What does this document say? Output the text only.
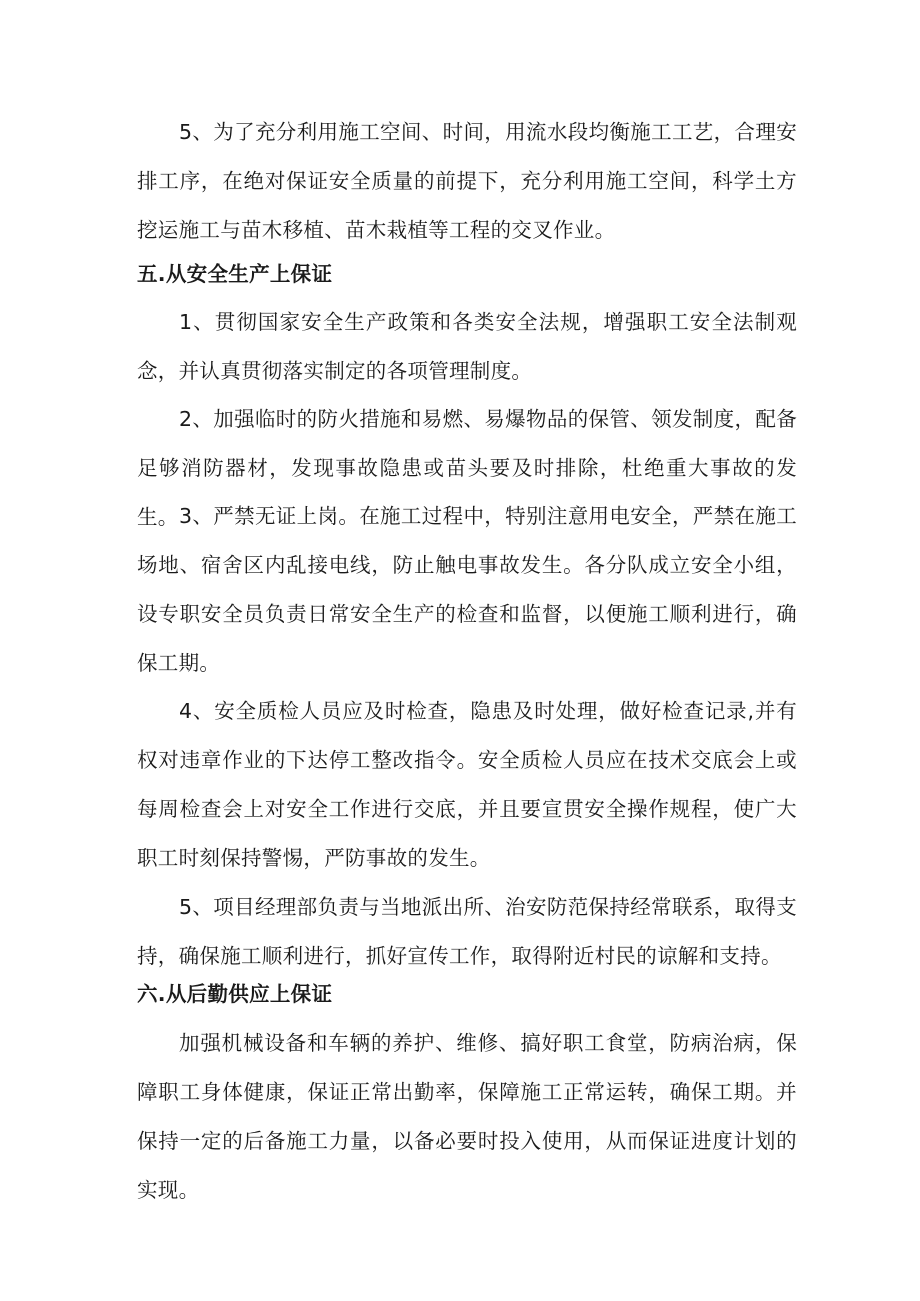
5、为了充分利用施工空间、时间，用流水段均衡施工工艺，合理安排工序，在绝对保证安全质量的前提下，充分利用施工空间，科学土方挖运施工与苗木移植、苗木栽植等工程的交叉作业。

五.从安全生产上保证

1、贯彻国家安全生产政策和各类安全法规，增强职工安全法制观念，并认真贯彻落实制定的各项管理制度。

2、加强临时的防火措施和易燃、易爆物品的保管、领发制度，配备足够消防器材，发现事故隐患或苗头要及时排除，杜绝重大事故的发生。 3、严禁无证上岗。在施工过程中，特别注意用电安全，严禁在施工场地、宿舍区内乱接电线，防止触电事故发生。各分队成立安全小组，设专职安全员负责日常安全生产的检查和监督，以便施工顺利进行，确保工期。

4、安全质检人员应及时检查，隐患及时处理，做好检查记录,并有权对违章作业的下达停工整改指令。安全质检人员应在技术交底会上或每周检查会上对安全工作进行交底，并且要宣贯安全操作规程，使广大职工时刻保持警惕，严防事故的发生。

5、项目经理部负责与当地派出所、治安防范保持经常联系，取得支持，确保施工顺利进行，抓好宣传工作，取得附近村民的谅解和支持。

六.从后勤供应上保证

加强机械设备和车辆的养护、维修、搞好职工食堂，防病治病，保障职工身体健康，保证正常出勤率，保障施工正常运转，确保工期。并保持一定的后备施工力量，以备必要时投入使用，从而保证进度计划的实现。
